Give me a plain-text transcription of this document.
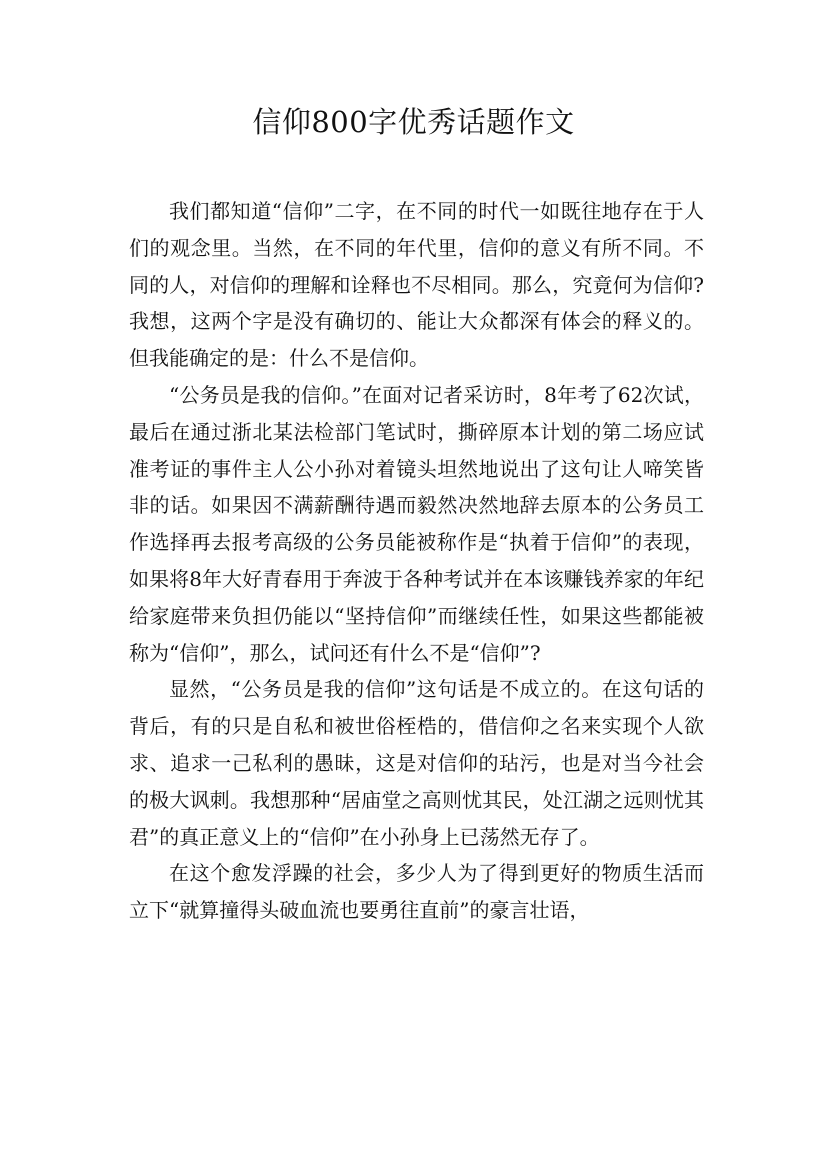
信仰800字优秀话题作文

我们都知道“信仰”二字，在不同的时代一如既往地存在于人们的观念里。当然，在不同的年代里，信仰的意义有所不同。不同的人，对信仰的理解和诠释也不尽相同。那么，究竟何为信仰?我想，这两个字是没有确切的、能让大众都深有体会的释义的。但我能确定的是：什么不是信仰。

“公务员是我的信仰。”在面对记者采访时，8年考了62次试，最后在通过浙北某法检部门笔试时，撕碎原本计划的第二场应试准考证的事件主人公小孙对着镜头坦然地说出了这句让人啼笑皆非的话。如果因不满薪酬待遇而毅然决然地辞去原本的公务员工作选择再去报考高级的公务员能被称作是“执着于信仰”的表现，如果将8年大好青春用于奔波于各种考试并在本该赚钱养家的年纪给家庭带来负担仍能以“坚持信仰”而继续任性，如果这些都能被称为“信仰”，那么，试问还有什么不是“信仰”?

显然，“公务员是我的信仰”这句话是不成立的。在这句话的背后，有的只是自私和被世俗桎梏的，借信仰之名来实现个人欲求、追求一己私利的愚昧，这是对信仰的玷污，也是对当今社会的极大讽刺。我想那种“居庙堂之高则忧其民，处江湖之远则忧其君”的真正意义上的“信仰”在小孙身上已荡然无存了。

在这个愈发浮躁的社会，多少人为了得到更好的物质生活而立下“就算撞得头破血流也要勇往直前”的豪言壮语，
